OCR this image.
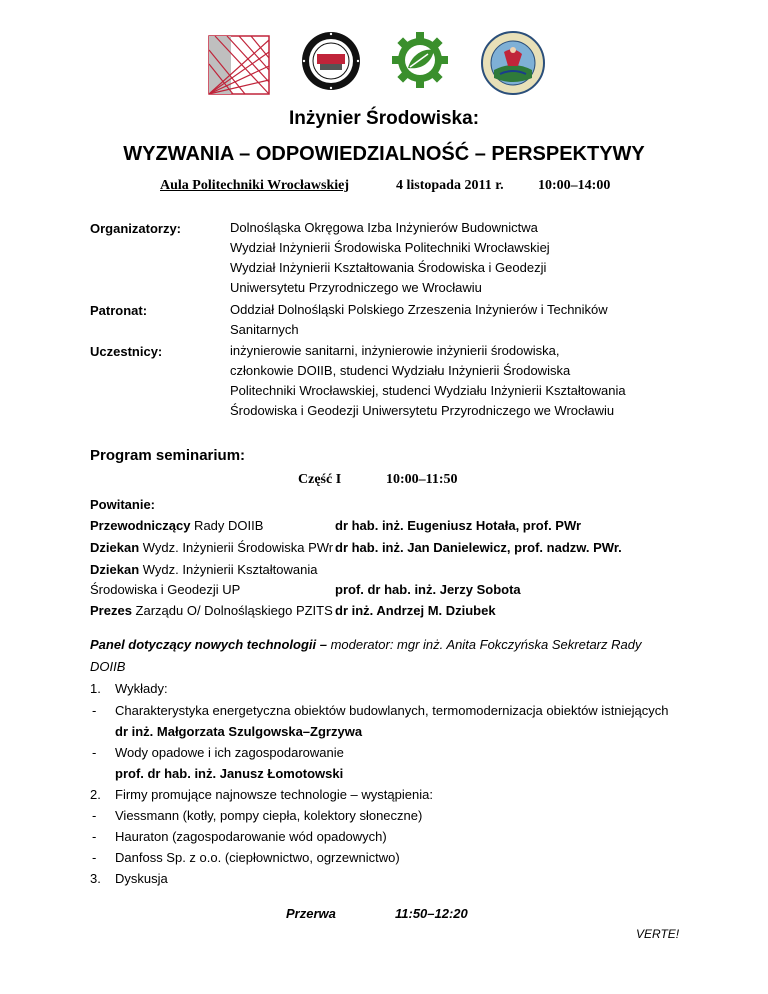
Inżynier Środowiska:
WYZWANIA – ODPOWIEDZIALNOŚĆ – PERSPEKTYWY
Aula Politechniki Wrocławskiej	4 listopada 2011 r. 10:00–14:00
Organizatorzy:	Dolnośląska Okręgowa Izba Inżynierów Budownictwa
Wydział Inżynierii Środowiska Politechniki Wrocławskiej
Wydział Inżynierii Kształtowania Środowiska i Geodezji
Uniwersytetu Przyrodniczego we Wrocławiu
Patronat:	Oddział Dolnośląski Polskiego Zrzeszenia Inżynierów i Techników
Sanitarnych
Uczestnicy:	inżynierowie sanitarni, inżynierowie inżynierii środowiska,
członkowie DOIIB, studenci Wydziału Inżynierii Środowiska
Politechniki Wrocławskiej, studenci Wydziału Inżynierii Kształtowania
Środowiska i Geodezji Uniwersytetu Przyrodniczego we Wrocławiu
Program seminarium:
Część I	10:00–11:50
Powitanie:
Przewodniczący Rady DOIIB	dr hab. inż. Eugeniusz Hotała, prof. PWr
Dziekan Wydz. Inżynierii Środowiska PWr dr hab. inż. Jan Danielewicz, prof. nadzw. PWr.
Dziekan Wydz. Inżynierii Kształtowania
Środowiska i Geodezji UP	prof. dr hab. inż. Jerzy Sobota
Prezes Zarządu O/ Dolnośląskiego PZITS dr inż. Andrzej M. Dziubek
Panel dotyczący nowych technologii – moderator: mgr inż. Anita Fokczyńska Sekretarz Rady
DOIIB
1. Wykłady:
- Charakterystyka energetyczna obiektów budowlanych, termomodernizacja obiektów istniejących
dr inż. Małgorzata Szulgowska–Zgrzywa
- Wody opadowe i ich zagospodarowanie
prof. dr hab. inż. Janusz Łomotowski
2. Firmy promujące najnowsze technologie – wystąpienia:
- Viessmann (kotły, pompy ciepła, kolektory słoneczne)
- Hauraton (zagospodarowanie wód opadowych)
- Danfoss Sp. z o.o. (ciepłownictwo, ogrzewnictwo)
3. Dyskusja
Przerwa	11:50–12:20
VERTE!
